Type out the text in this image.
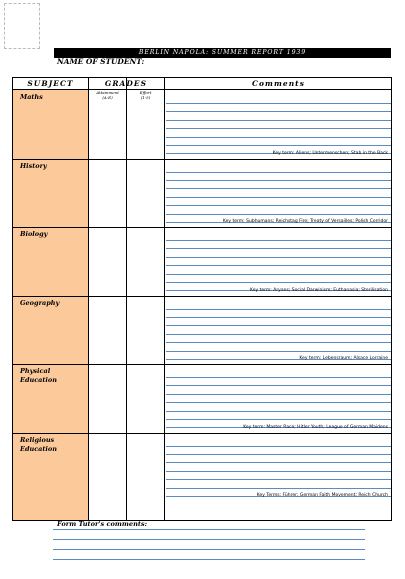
BERLIN NAPOLA: SUMMER REPORT 1939
NAME OF STUDENT:
SUBJECT	GRADES	Comments
Attainment
(A-E)
Effort
(1-5)
Maths
Key term: Aliens; Untermenschen; Stab in the Back
History
Key term: Subhumans; Reichstag Fire; Treaty of Versailles; Polish Corridor
Biology
Key term: Aryans; Social Darwinism; Euthanasia; Sterilisation
Geography
Key term: Lebensraum; Alsace Lorraine
Physical Education
Key term: Master Race; Hitler Youth; League of German Maidens
Religious Education
Key Terms: Führer; German Faith Movement; Reich Church
Form Tutor's comments:
